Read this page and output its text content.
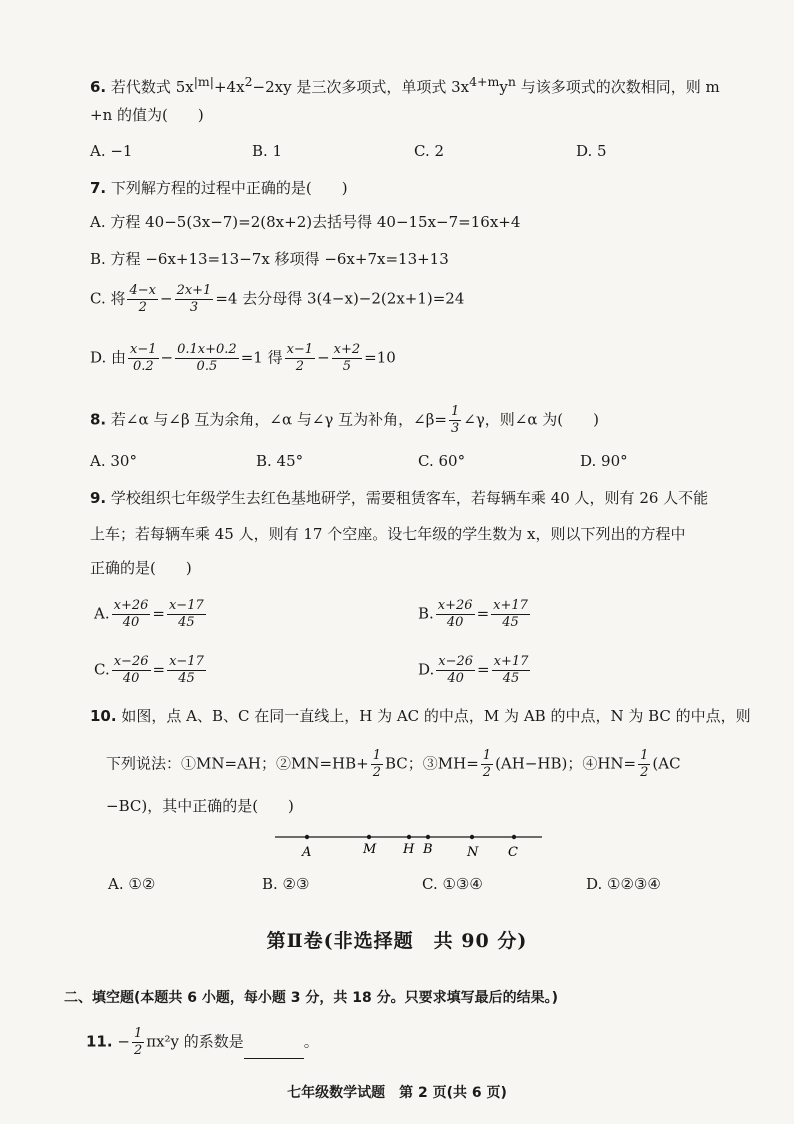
6. 若代数式 $5x^{|m|}+4x^2-2xy$ 是三次多项式，单项式 $3x^{4+m}y^n$ 与该多项式的次数相同，则 m
+n 的值为(　　)
A. −1	B. 1	C. 2	D. 5
7. 下列解方程的过程中正确的是(　　)
A. 方程 40−5(3x−7)=2(8x+2)去括号得 40−15x−7=16x+4
B. 方程 −6x+13=13−7x 移项得 −6x+7x=13+13
C. 将 $\frac{4-x}{2} - \frac{2x+1}{3} =4$ 去分母得 3(4−x)−2(2x+1)=24
D. 由 $\frac{x-1}{0.2} - \frac{0.1x+0.2}{0.5} =1$ 得 $\frac{x-1}{2} - \frac{x+2}{5} =10$
8. 若∠α 与∠β 互为余角，∠α 与∠γ 互为补角，∠β= $\frac{1}{3}$ ∠γ，则∠α 为(　　)
A. 30°	B. 45°	C. 60°	D. 90°
9. 学校组织七年级学生去红色基地研学，需要租赁客车，若每辆车乘 40 人，则有 26 人不能
上车；若每辆车乘 45 人，则有 17 个空座。设七年级的学生数为 x，则以下列出的方程中
正确的是(　　)
A. $\frac{x+26}{40} = \frac{x-17}{45}$	B. $\frac{x+26}{40} = \frac{x+17}{45}$
C. $\frac{x-26}{40} = \frac{x-17}{45}$	D. $\frac{x-26}{40} = \frac{x+17}{45}$
10. 如图，点 A、B、C 在同一直线上，H 为 AC 的中点，M 为 AB 的中点，N 为 BC 的中点，则
下列说法：①MN=AH；②MN=HB+ $\frac{1}{2}$ BC；③MH= $\frac{1}{2} (AH-HB)$；④HN= $\frac{1}{2} (AC$
−BC)，其中正确的是(　　)
A	M H B	N C
A. ①②	B. ②③	C. ①③④	D. ①②③④
第Ⅱ卷(非选择题　共 90 分)
二、填空题(本题共 6 小题，每小题 3 分，共 18 分。只要求填写最后的结果。)
11. − $\frac{1}{2} \pi x^2y$ 的系数是	。
七年级数学试题　第 2 页(共 6 页)
